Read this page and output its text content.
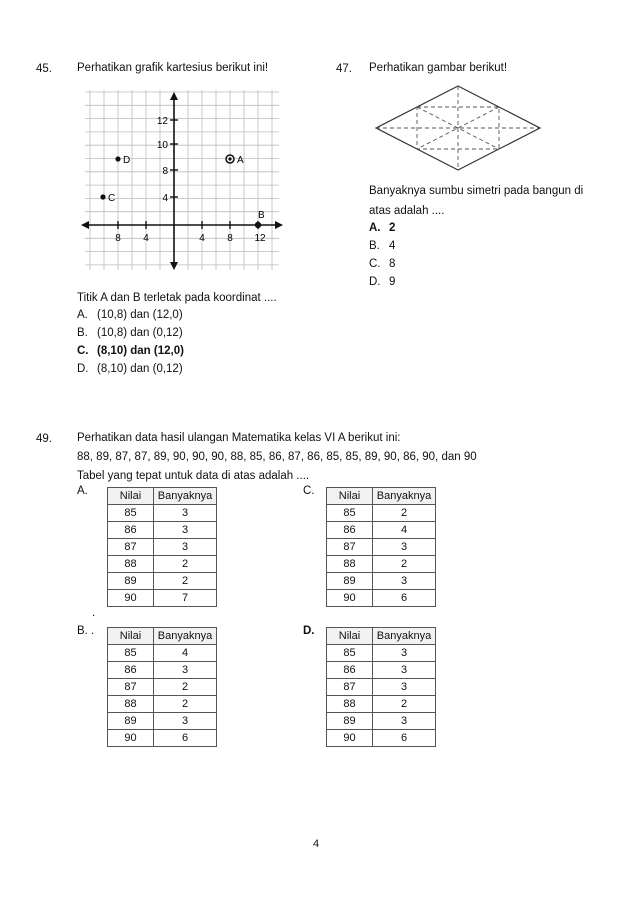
45. Perhatikan grafik kartesius berikut ini!
8 4	4 8 12
12
10
8
4
D	A
C
B
Titik A dan B terletak pada koordinat ....
A. (10,8) dan (12,0)
B. (10,8) dan (0,12)
C. (8,10) dan (12,0)
D. (8,10) dan (0,12)
47. Perhatikan gambar berikut!
Banyaknya sumbu simetri pada bangun di
atas adalah ....
A. 2
B. 4
C. 8
D. 9
49. Perhatikan data hasil ulangan Matematika kelas VI A berikut ini:
88, 89, 87, 87, 89, 90, 90, 90, 88, 85, 86, 87, 86, 85, 85, 89, 90, 86, 90, dan 90
Tabel yang tepat untuk data di atas adalah ....
A.	Nilai	Banyaknya
85	3
86	3
87	3
88	2
89	2
90	7
.
C. Nilai	Banyaknya
85	2
86	4
87	3
88	2
89	3
90	6
B. . Nilai	Banyaknya
85	4
86	3
87	2
88	2
89	3
90	6
D. Nilai	Banyaknya
85	3
86	3
87	3
88	2
89	3
90	6
4
